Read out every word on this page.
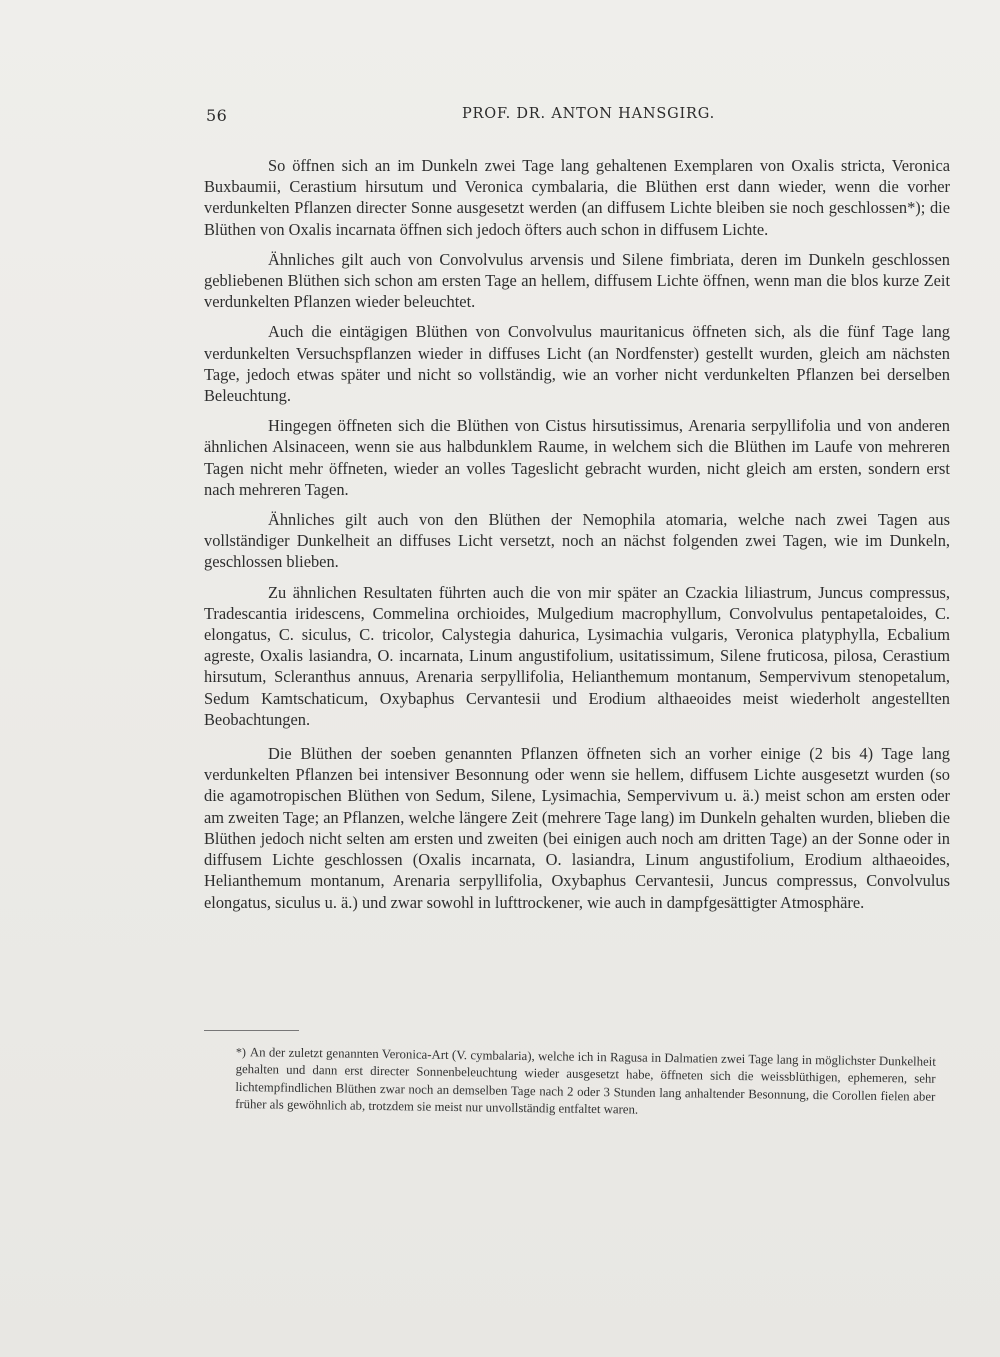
56	PROF. DR. ANTON HANSGIRG.

So öffnen sich an im Dunkeln zwei Tage lang gehaltenen Exemplaren von Oxalis stricta, Veronica Buxbaumii, Cerastium hirsutum und Veronica cymbalaria, die Blüthen erst dann wieder, wenn die vorher verdunkelten Pflanzen directer Sonne ausgesetzt werden (an diffusem Lichte bleiben sie noch geschlossen*); die Blüthen von Oxalis incarnata öffnen sich jedoch öfters auch schon in diffusem Lichte.

Ähnliches gilt auch von Convolvulus arvensis und Silene fimbriata, deren im Dunkeln geschlossen gebliebenen Blüthen sich schon am ersten Tage an hellem, diffusem Lichte öffnen, wenn man die blos kurze Zeit verdunkelten Pflanzen wieder beleuchtet.

Auch die eintägigen Blüthen von Convolvulus mauritanicus öffneten sich, als die fünf Tage lang verdunkelten Versuchspflanzen wieder in diffuses Licht (an Nordfenster) gestellt wurden, gleich am nächsten Tage, jedoch etwas später und nicht so vollständig, wie an vorher nicht verdunkelten Pflanzen bei derselben Beleuchtung.

Hingegen öffneten sich die Blüthen von Cistus hirsutissimus, Arenaria serpyllifolia und von anderen ähnlichen Alsinaceen, wenn sie aus halbdunklem Raume, in welchem sich die Blüthen im Laufe von mehreren Tagen nicht mehr öffneten, wieder an volles Tageslicht gebracht wurden, nicht gleich am ersten, sondern erst nach mehreren Tagen.

Ähnliches gilt auch von den Blüthen der Nemophila atomaria, welche nach zwei Tagen aus vollständiger Dunkelheit an diffuses Licht versetzt, noch an nächst folgenden zwei Tagen, wie im Dunkeln, geschlossen blieben.

Zu ähnlichen Resultaten führten auch die von mir später an Czackia liliastrum, Juncus compressus, Tradescantia iridescens, Commelina orchioides, Mulgedium macrophyllum, Convolvulus pentapetaloides, C. elongatus, C. siculus, C. tricolor, Calystegia dahurica, Lysimachia vulgaris, Veronica platyphylla, Ecbalium agreste, Oxalis lasiandra, O. incarnata, Linum angustifolium, usitatissimum, Silene fruticosa, pilosa, Cerastium hirsutum, Scleranthus annuus, Arenaria serpyllifolia, Helianthemum montanum, Sempervivum stenopetalum, Sedum Kamtschaticum, Oxybaphus Cervantesii und Erodium althaeoides meist wiederholt angestellten Beobachtungen.

Die Blüthen der soeben genannten Pflanzen öffneten sich an vorher einige (2 bis 4) Tage lang verdunkelten Pflanzen bei intensiver Besonnung oder wenn sie hellem, diffusem Lichte ausgesetzt wurden (so die agamotropischen Blüthen von Sedum, Silene, Lysimachia, Sempervivum u. ä.) meist schon am ersten oder am zweiten Tage; an Pflanzen, welche längere Zeit (mehrere Tage lang) im Dunkeln gehalten wurden, blieben die Blüthen jedoch nicht selten am ersten und zweiten (bei einigen auch noch am dritten Tage) an der Sonne oder in diffusem Lichte geschlossen (Oxalis incarnata, O. lasiandra, Linum angustifolium, Erodium althaeoides, Helianthemum montanum, Arenaria serpyllifolia, Oxybaphus Cervantesii, Juncus compressus, Convolvulus elongatus, siculus u. ä.) und zwar sowohl in lufttrockener, wie auch in dampfgesättigter Atmosphäre.

*) An der zuletzt genannten Veronica-Art (V. cymbalaria), welche ich in Ragusa in Dalmatien zwei Tage lang in möglichster Dunkelheit gehalten und dann erst directer Sonnenbeleuchtung wieder ausgesetzt habe, öffneten sich die weissblüthigen, ephemeren, sehr lichtempfindlichen Blüthen zwar noch an demselben Tage nach 2 oder 3 Stunden lang anhaltender Besonnung, die Corollen fielen aber früher als gewöhnlich ab, trotzdem sie meist nur unvollständig entfaltet waren.
